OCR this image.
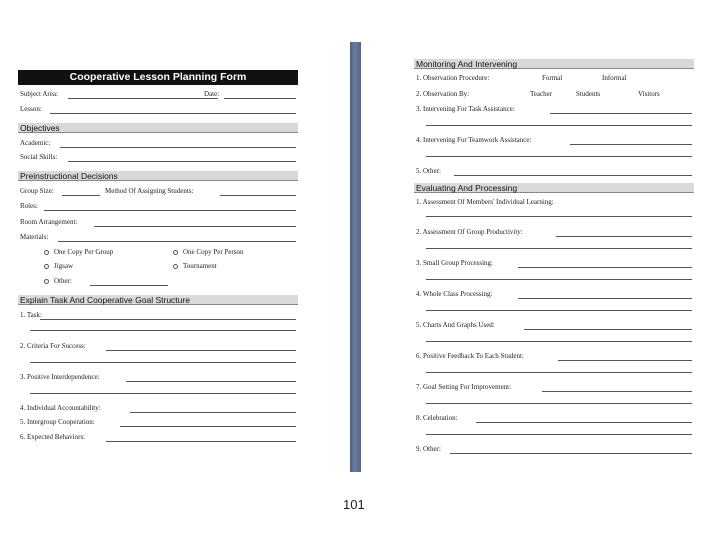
Cooperative Lesson Planning Form
Subject Area:	Date:
Lesson:
Objectives
Academic:
Social Skills:
Preinstructional Decisions
Group Size:	Method Of Assigning Students:
Roles:
Room Arrangement:
Materials:
One Copy Per Group	One Copy Per Person
Jigsaw	Tournament
Other:
Explain Task And Cooperative Goal Structure
1. Task:
2. Criteria For Success:
3. Positive Interdependence:
4. Individual Accountability:
5. Intergroup Cooperation:
6. Expected Behaviors:
Monitoring And Intervening
1. Observation Procedure:	Formal	Informal
2. Observation By:	Teacher	Students	Visitors
3. Intervening For Task Assistance:
4. Intervening For Teamwork Assistance:
5. Other:
Evaluating And Processing
1. Assessment Of Members' Individual Learning:
2. Assessment Of Group Productivity:
3. Small Group Processing:
4. Whole Class Processing:
5. Charts And Graphs Used:
6. Positive Feedback To Each Student:
7. Goal Setting For Improvement:
8. Celebration:
9. Other:
101
